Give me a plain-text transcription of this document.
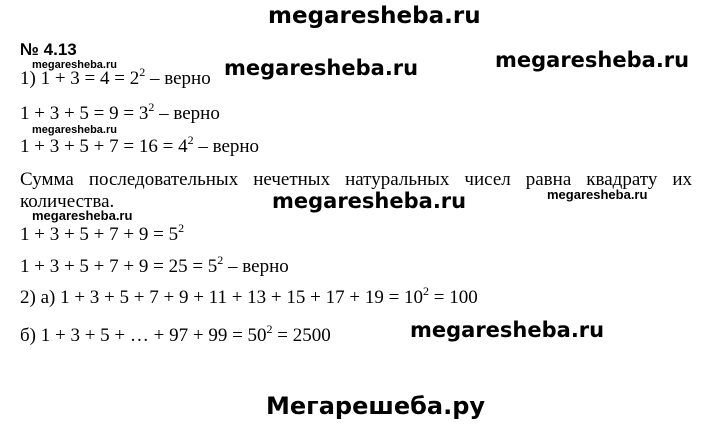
megaresheba.ru
№ 4.13
megaresheba.ru	megaresheba.ru	megaresheba.ru
1) $1 + 3 = 4 = 2^2$ – верно
$1 + 3 + 5 = 9 = 3^2$ – верно
megaresheba.ru
$1 + 3 + 5 + 7 = 16 = 4^2$ – верно
Сумма последовательных нечетных натуральных чисел равна квадрату их количества.
megaresheba.ru
megaresheba.ru	megaresheba.ru
$1 + 3 + 5 + 7 + 9 = 5^2$
$1 + 3 + 5 + 7 + 9 = 25 = 5^2$ – верно
2) а) $1 + 3 + 5 + 7 + 9 + 11 + 13 + 15 + 17 + 19 = 10^2 = 100$
megaresheba.ru
б) 1 + 3 + 5 + … + $97 + 99 = 50^2 = 2500$
Мегарешеба.ру
